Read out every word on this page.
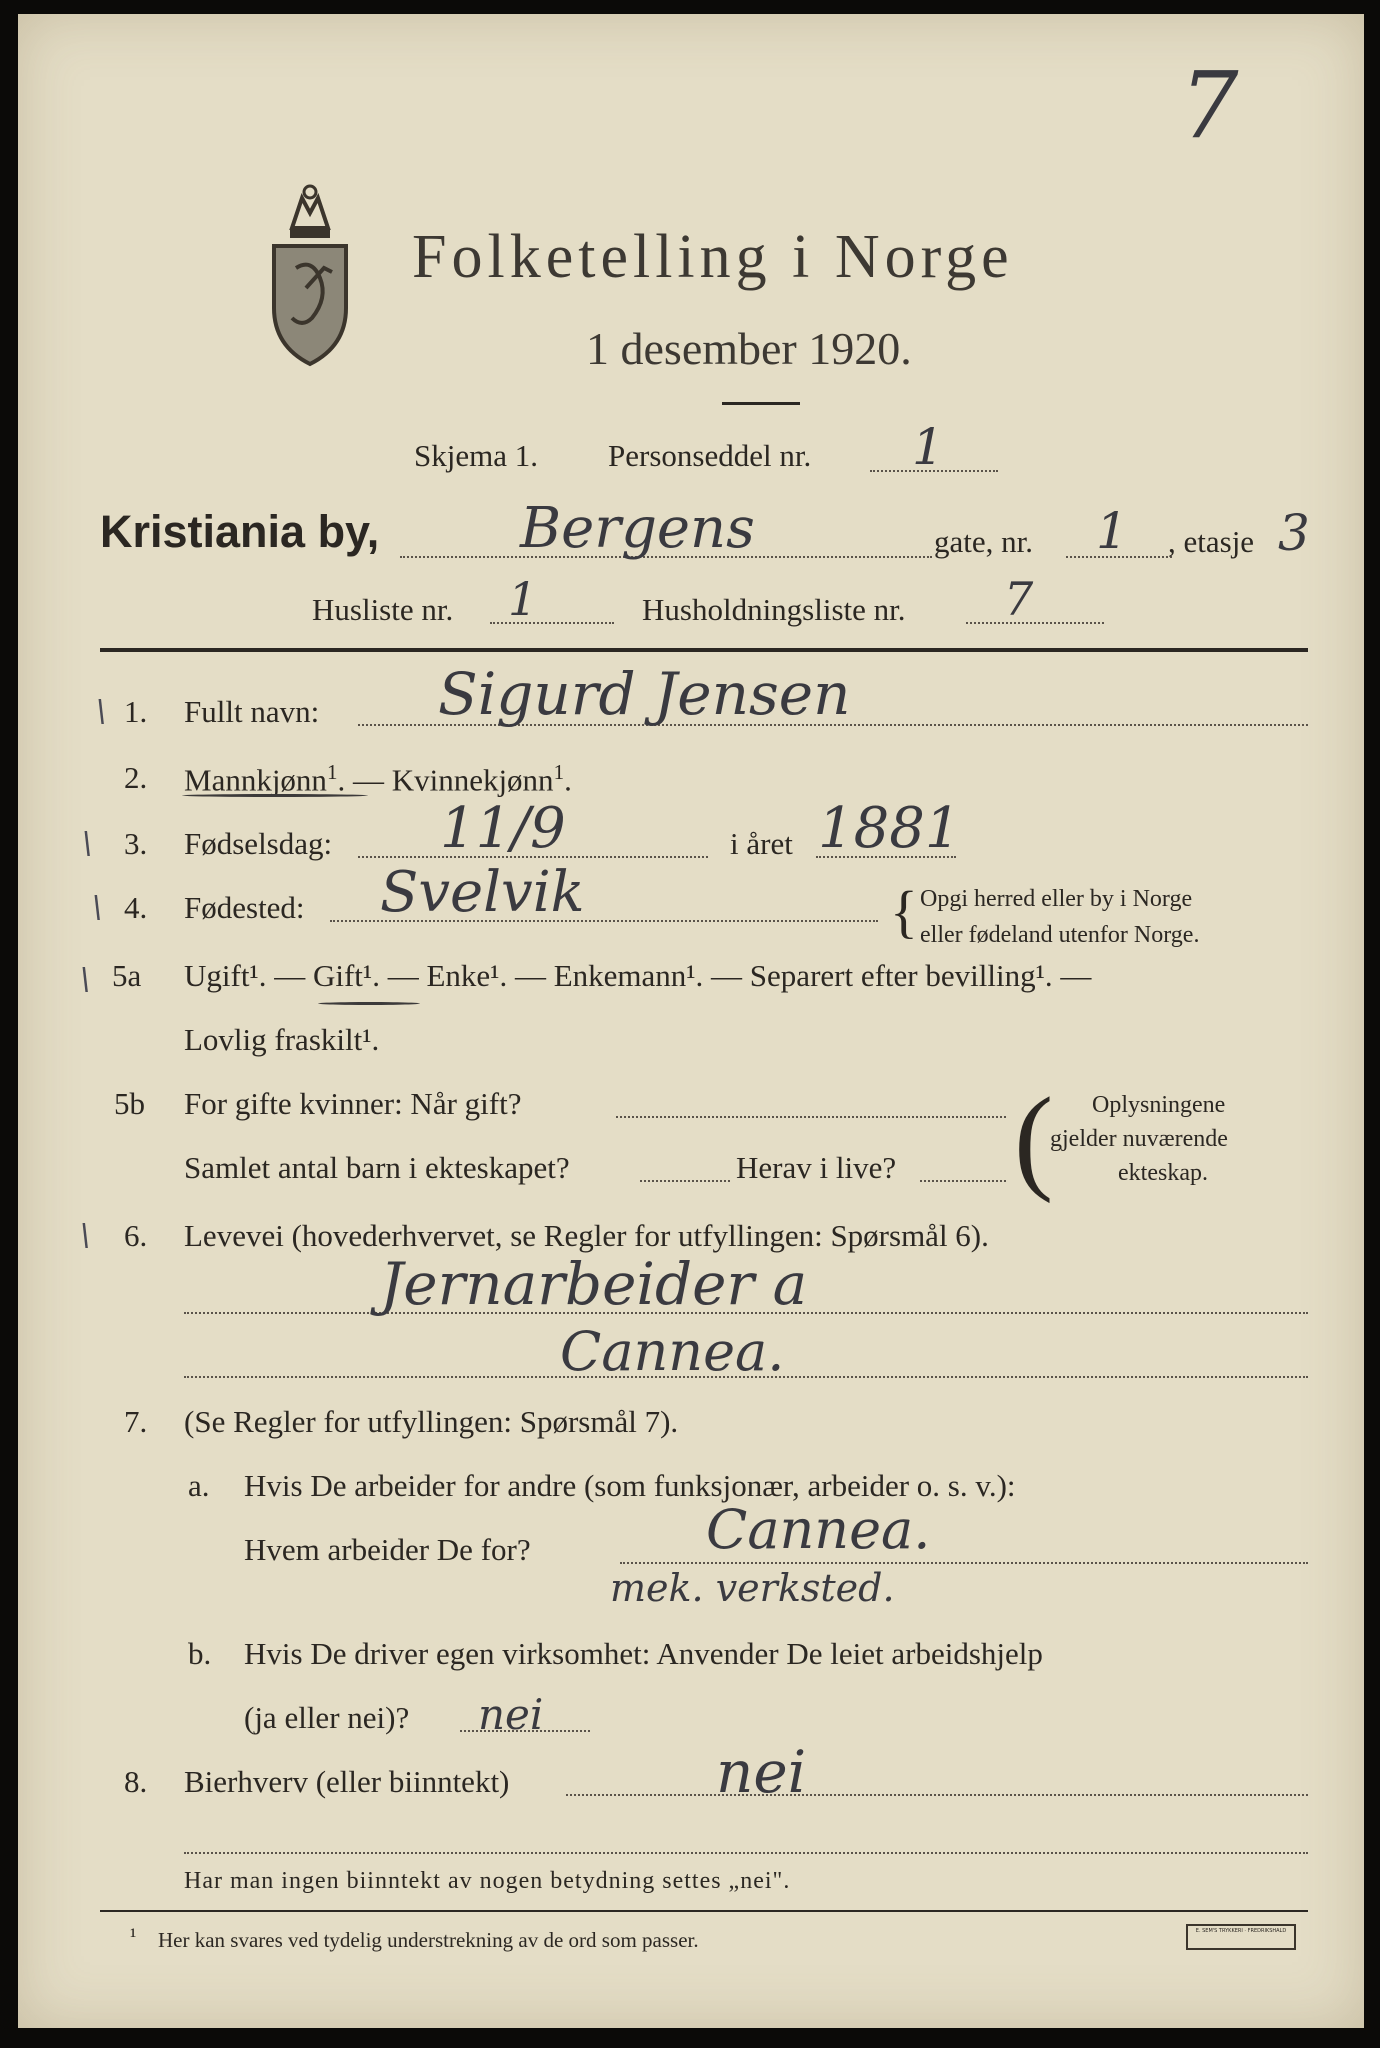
7
Folketelling i Norge
1 desember 1920.
Skjema 1. Personseddel nr. 1
Kristiania by,	Bergens	gate, nr. 1 , etasje 3
Husliste nr. 1	Husholdningsliste nr. 7
\ 1. Fullt navn: Sigurd Jensen
2. Mannkjønn$^1$. — Kvinnekjønn$^1$.
\ 3. Fødselsdag: 11/9	i året 1881
\ 4. Fødested: Svelvik	{ Opgi herred eller by i Norge
eller fødeland utenfor Norge.
\ 5a Ugift¹. — Gift¹. — Enke¹. — Enkemann¹. — Separert efter bevilling¹. —
Lovlig fraskilt¹.
5b For gifte kvinner: Når gift?
Samlet antal barn i ekteskapet?	Herav i live? ( Oplysningene
gjelder nuværende
ekteskap.
\ 6. Levevei (hovederhvervet, se Regler for utfyllingen: Spørsmål 6).
Jernarbeider a
Cannea.
7. (Se Regler for utfyllingen: Spørsmål 7).
a. Hvis De arbeider for andre (som funksjonær, arbeider o. s. v.):
Hvem arbeider De for?	Cannea.
mek. verksted.
b. Hvis De driver egen virksomhet: Anvender De leiet arbeidshjelp
(ja eller nei)? nei
8. Bierhverv (eller biinntekt)	nei
Har man ingen biinntekt av nogen betydning settes „nei".
¹ Her kan svares ved tydelig understrekning av de ord som passer.	E. SEM'S TRYKKERI · FREDRIKSHALD
